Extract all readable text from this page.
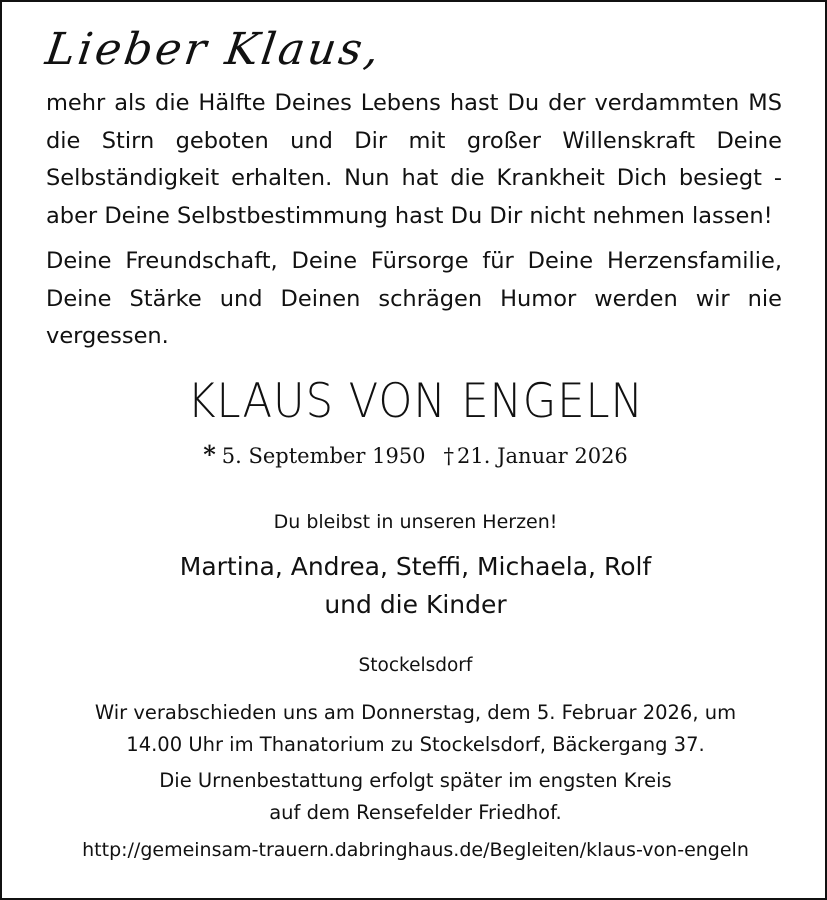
Lieber Klaus,

mehr als die Hälfte Deines Lebens hast Du der verdammten MS die Stirn geboten und Dir mit großer Willenskraft Deine Selbständigkeit erhalten. Nun hat die Krankheit Dich besiegt - aber Deine Selbstbestimmung hast Du Dir nicht nehmen lassen!

Deine Freundschaft, Deine Fürsorge für Deine Herzensfamilie, Deine Stärke und Deinen schrägen Humor werden wir nie vergessen.

KLAUS VON ENGELN
* 5. September 1950 † 21. Januar 2026

Du bleibst in unseren Herzen!

Martina, Andrea, Steffi, Michaela, Rolf
und die Kinder

Stockelsdorf

Wir verabschieden uns am Donnerstag, dem 5. Februar 2026, um
14.00 Uhr im Thanatorium zu Stockelsdorf, Bäckergang 37.
Die Urnenbestattung erfolgt später im engsten Kreis
auf dem Rensefelder Friedhof.

http://gemeinsam-trauern.dabringhaus.de/Begleiten/klaus-von-engeln
